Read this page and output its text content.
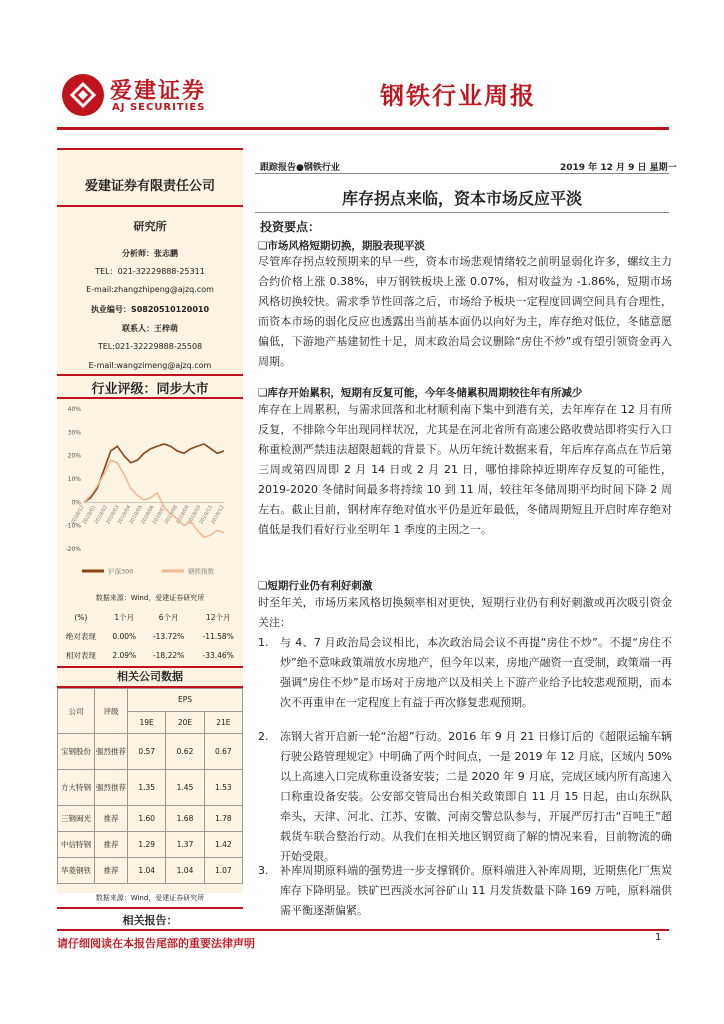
爱建证券
AJ SECURITIES	钢铁行业周报
爱建证券有限责任公司
研究所
分析师：张志鹏
TEL：021-32229888-25311
E-mail:zhangzhipeng@ajzq.com
执业编号：S0820510120010
联系人：王梓萌
TEL:021-32229888-25508
E-mail:wangzimeng@ajzq.com
行业评级：同步大市
40%
30%
20%
10%
0%
-10%
-20%
2018/12
2019/01
2019/02
2019/03
2019/04
2019/05
2019/06
2019/07
2019/08
2019/09
2019/10
2019/11
2019/12
沪深300	钢铁指数
数据来源：Wind，爱建证券研究所
(%)	1个月	6个月	12个月
绝对表现	0.00%	-13.72%	-11.58%
相对表现	2.09%	-18.22%	-33.46%
相关公司数据
公司	评级	EPS		
		19E	20E	21E
宝钢股份	强烈推荐	0.57	0.62	0.67
方大特钢	强烈推荐	1.35	1.45	1.53
三钢闽光	推荐	1.60	1.68	1.78
中信特钢	推荐	1.29	1.37	1.42
华菱钢铁	推荐	1.04	1.04	1.07
数据来源：Wind，爱建证券研究所
相关报告：
跟踪报告●钢铁行业	2019 年 12 月 9 日 星期一
库存拐点来临，资本市场反应平淡
投资要点：
❑市场风格短期切换，期股表现平淡
尽管库存拐点较预期来的早一些，资本市场悲观情绪较之前明显弱化许多，螺纹主力合约价格上涨 0.38%，申万钢铁板块上涨 0.07%，相对收益为 -1.86%，短期市场风格切换较快。需求季节性回落之后，市场给予板块一定程度回调空间具有合理性，而资本市场的弱化反应也透露出当前基本面仍以向好为主，库存绝对低位，冬储意愿偏低，下游地产基建韧性十足，周末政治局会议删除“房住不炒”或有望引领资金再入周期。
❑库存开始累积，短期有反复可能，今年冬储累积周期较往年有所减少
库存在上周累积，与需求回落和北材顺利南下集中到港有关，去年库存在 12 月有所反复，不排除今年出现同样状况，尤其是在河北省所有高速公路收费站即将实行入口称重检测严禁违法超限超载的背景下。从历年统计数据来看，年后库存高点在节后第三周或第四周即 2 月 14 日或 2 月 21 日，哪怕排除掉近期库存反复的可能性，2019-2020 冬储时间最多将持续 10 到 11 周，较往年冬储周期平均时间下降 2 周左右。截止目前，钢材库存绝对值水平仍是近年最低，冬储周期短且开启时库存绝对值低是我们看好行业至明年 1 季度的主因之一。
❑短期行业仍有利好刺激
时至年关，市场历来风格切换频率相对更快，短期行业仍有利好刺激或再次吸引资金关注：
1. 与 4、7 月政治局会议相比，本次政治局会议不再提“房住不炒”。不提“房住不炒”绝不意味政策端放水房地产，但今年以来，房地产融资一直受制，政策端一再强调“房住不炒”是市场对于房地产以及相关上下游产业给予比较悲观预期，而本次不再重申在一定程度上有益于再次修复悲观预期。
2. 冻钢大省开启新一轮“治超”行动。2016 年 9 月 21 日修订后的《超限运输车辆行驶公路管理规定》中明确了两个时间点，一是 2019 年 12 月底，区域内 50%以上高速入口完成称重设备安装；二是 2020 年 9 月底，完成区域内所有高速入口称重设备安装。公安部交管局出台相关政策即自 11 月 15 日起，由山东纵队牵头，天津、河北、江苏、安徽、河南交警总队参与，开展严厉打击“百吨王”超载货车联合整治行动。从我们在相关地区钢贸商了解的情况来看，目前物流的确开始受限。
3. 补库周期原料端的强势进一步支撑钢价。原料端进入补库周期，近期焦化厂焦炭库存下降明显。铁矿巴西淡水河谷矿山 11 月发货数量下降 169 万吨，原料端供需平衡逐渐偏紧。
请仔细阅读在本报告尾部的重要法律声明	1
